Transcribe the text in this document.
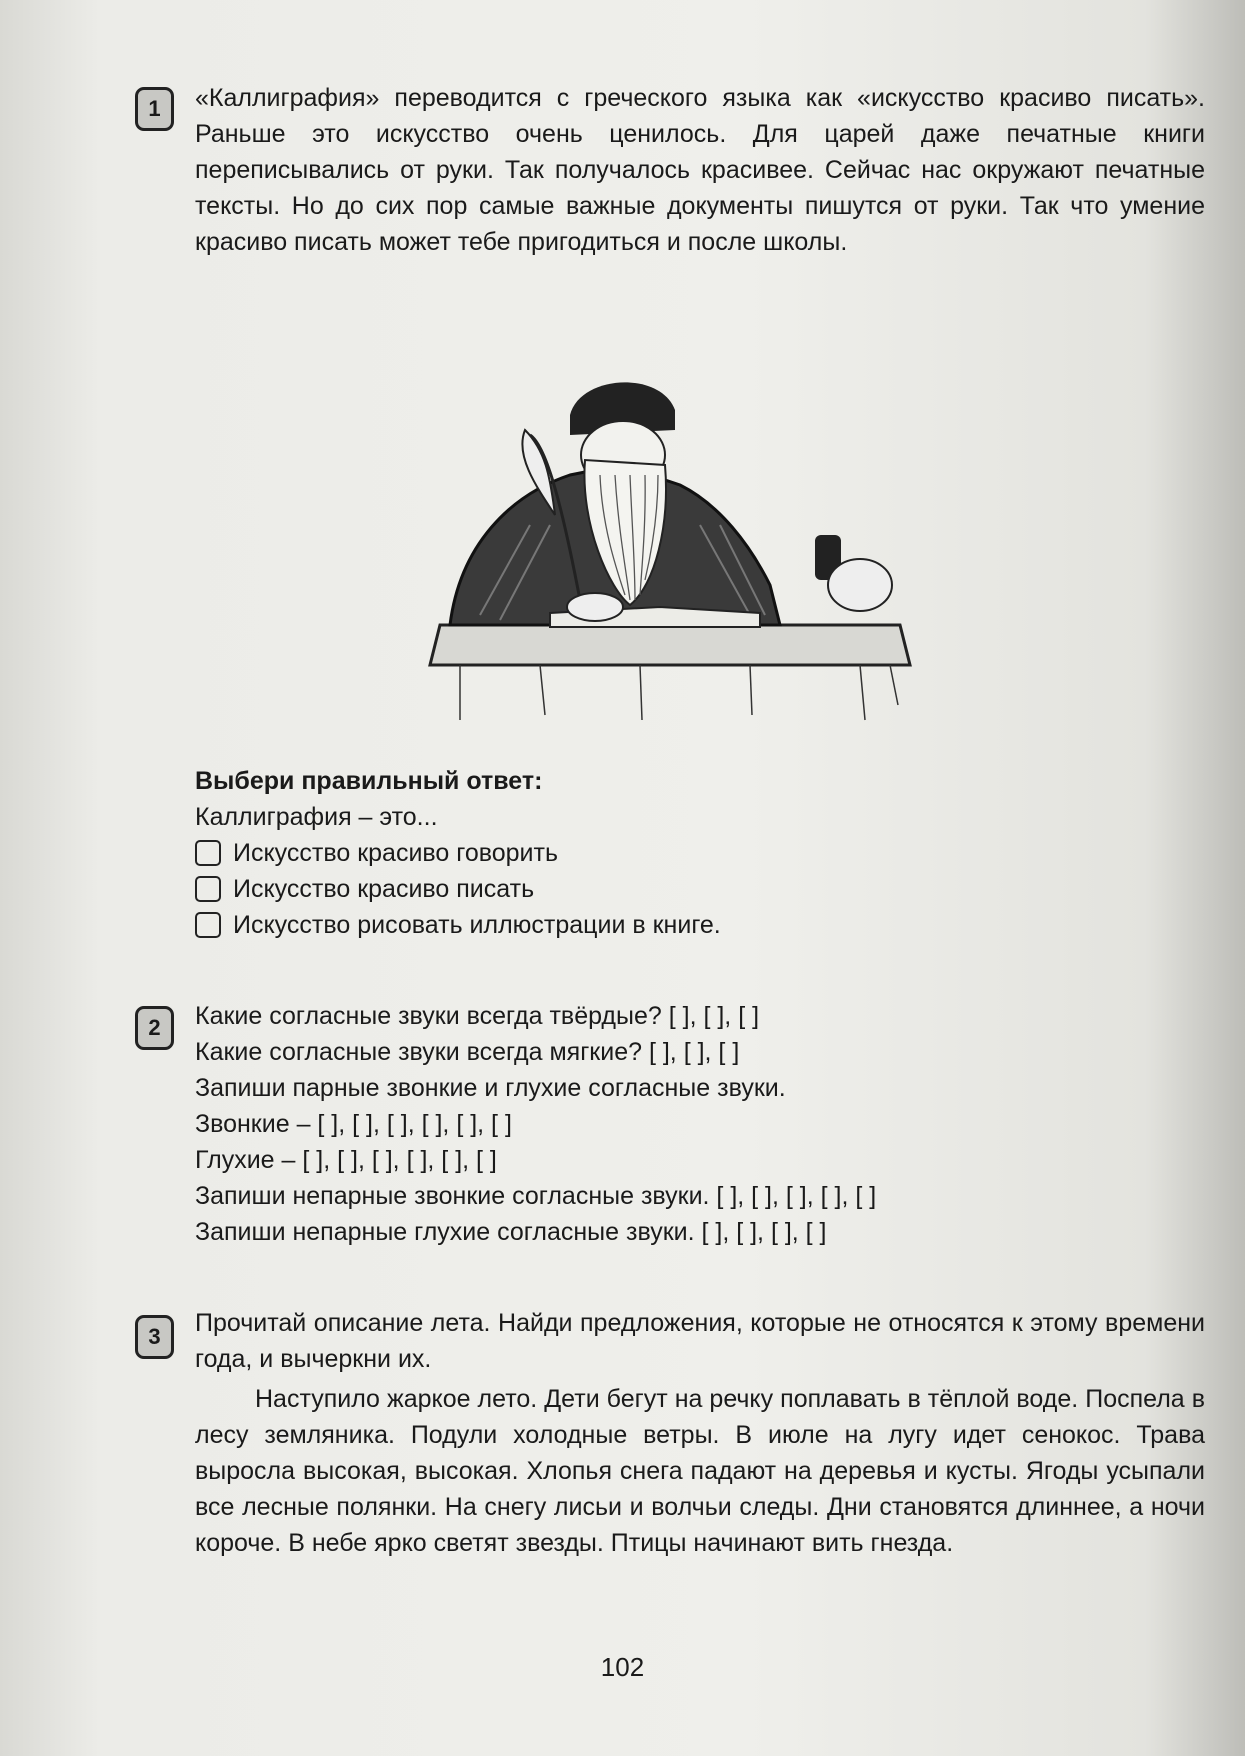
1	«Каллиграфия» переводится с греческого языка как «искусство красиво писать». Раньше это искусство очень ценилось. Для царей даже печатные книги переписывались от руки. Так получалось красивее. Сейчас нас окружают печатные тексты. Но до сих пор самые важные документы пишутся от руки. Так что умение красиво писать может тебе пригодиться и после школы.

Выбери правильный ответ:

Каллиграфия – это...

Искусство красиво говорить
Искусство красиво писать
Искусство рисовать иллюстрации в книге.
2	Какие согласные звуки всегда твёрдые? [ ], [ ], [ ]
Какие согласные звуки всегда мягкие? [ ], [ ], [ ]
Запиши парные звонкие и глухие согласные звуки.
Звонкие – [ ], [ ], [ ], [ ], [ ], [ ]
Глухие – [ ], [ ], [ ], [ ], [ ], [ ]
Запиши непарные звонкие согласные звуки. [ ], [ ], [ ], [ ], [ ]
Запиши непарные глухие согласные звуки. [ ], [ ], [ ], [ ]
3	Прочитай описание лета. Найди предложения, которые не относятся к этому времени года, и вычеркни их.

Наступило жаркое лето. Дети бегут на речку поплавать в тёплой воде. Поспела в лесу земляника. Подули холодные ветры. В июле на лугу идет сенокос. Трава выросла высокая, высокая. Хлопья снега падают на деревья и кусты. Ягоды усыпали все лесные полянки. На снегу лисьи и волчьи следы. Дни становятся длиннее, а ночи короче. В небе ярко светят звезды. Птицы начинают вить гнезда.

102
